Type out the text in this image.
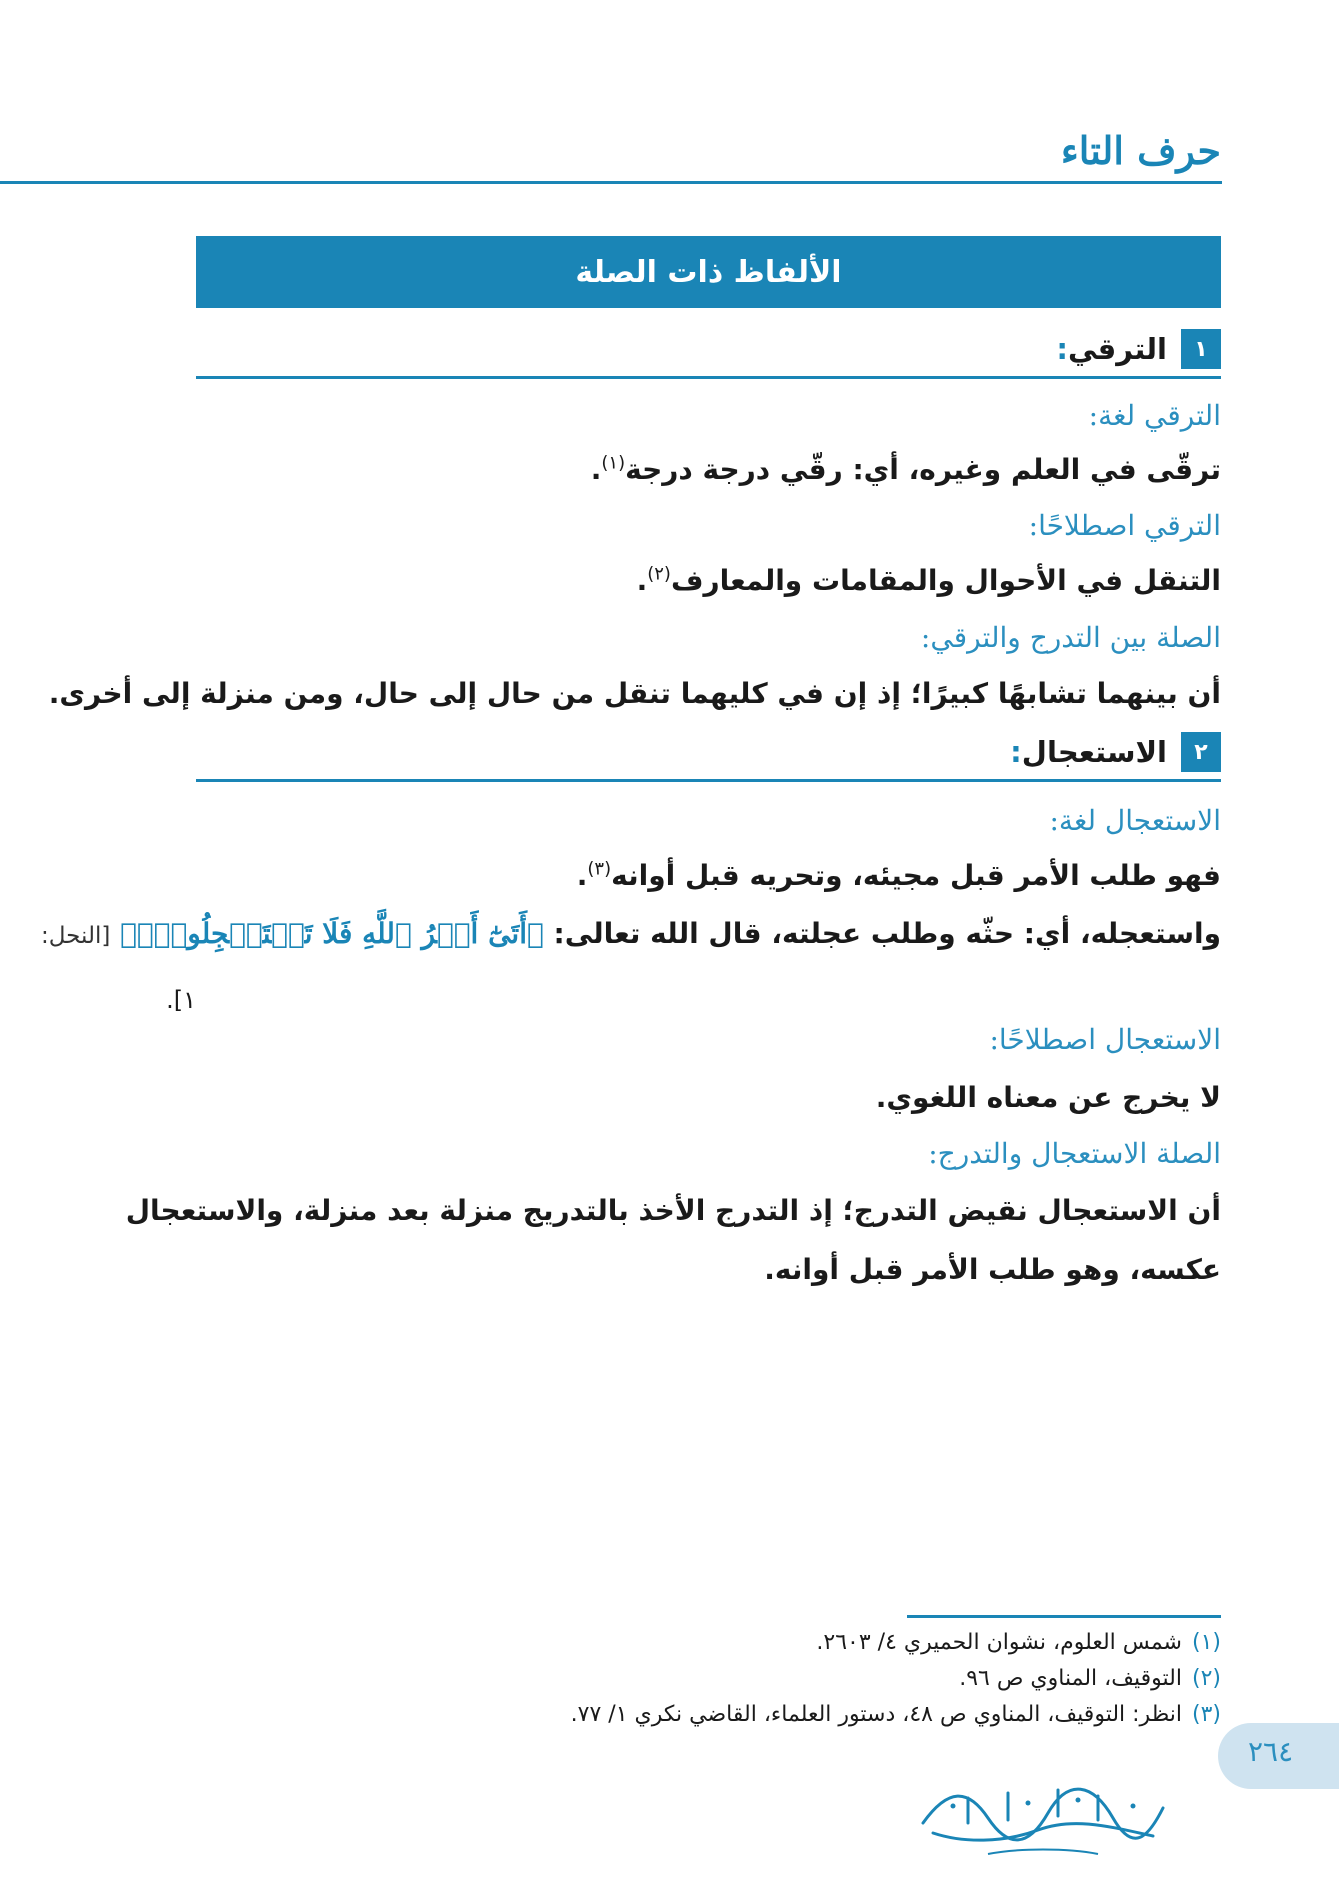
حرف التاء
الألفاظ ذات الصلة
١
الترقي
:
الترقي لغة:
ترقّى في العلم وغيره، أي: رقّي درجة درجة$^{(١)}$.
الترقي اصطلاحًا:
التنقل في الأحوال والمقامات والمعارف$^{(٢)}$.
الصلة بين التدرج والترقي:
أن بينهما تشابهًا كبيرًا؛ إذ إن في كليهما تنقل من حال إلى حال، ومن منزلة إلى أخرى.
٢
الاستعجال
:
الاستعجال لغة:
فهو طلب الأمر قبل مجيئه، وتحريه قبل أوانه$^{(٣)}$.
واستعجله، أي: حثّه وطلب عجلته، قال الله تعالى: ﴿أَتَىٰٓ أَمۡرُ ٱللَّهِ فَلَا تَسۡتَعۡجِلُوهُۚ﴾ [النحل:
١].
الاستعجال اصطلاحًا:
لا يخرج عن معناه اللغوي.
الصلة الاستعجال والتدرج:
أن الاستعجال نقيض التدرج؛ إذ التدرج الأخذ بالتدريج منزلة بعد منزلة، والاستعجال
عكسه، وهو طلب الأمر قبل أوانه.
(١)شمس العلوم، نشوان الحميري ٤/ ٢٦٠٣.
(٢)التوقيف، المناوي ص ٩٦.
(٣)انظر: التوقيف، المناوي ص ٤٨، دستور العلماء، القاضي نكري ١/ ٧٧.
٢٦٤
